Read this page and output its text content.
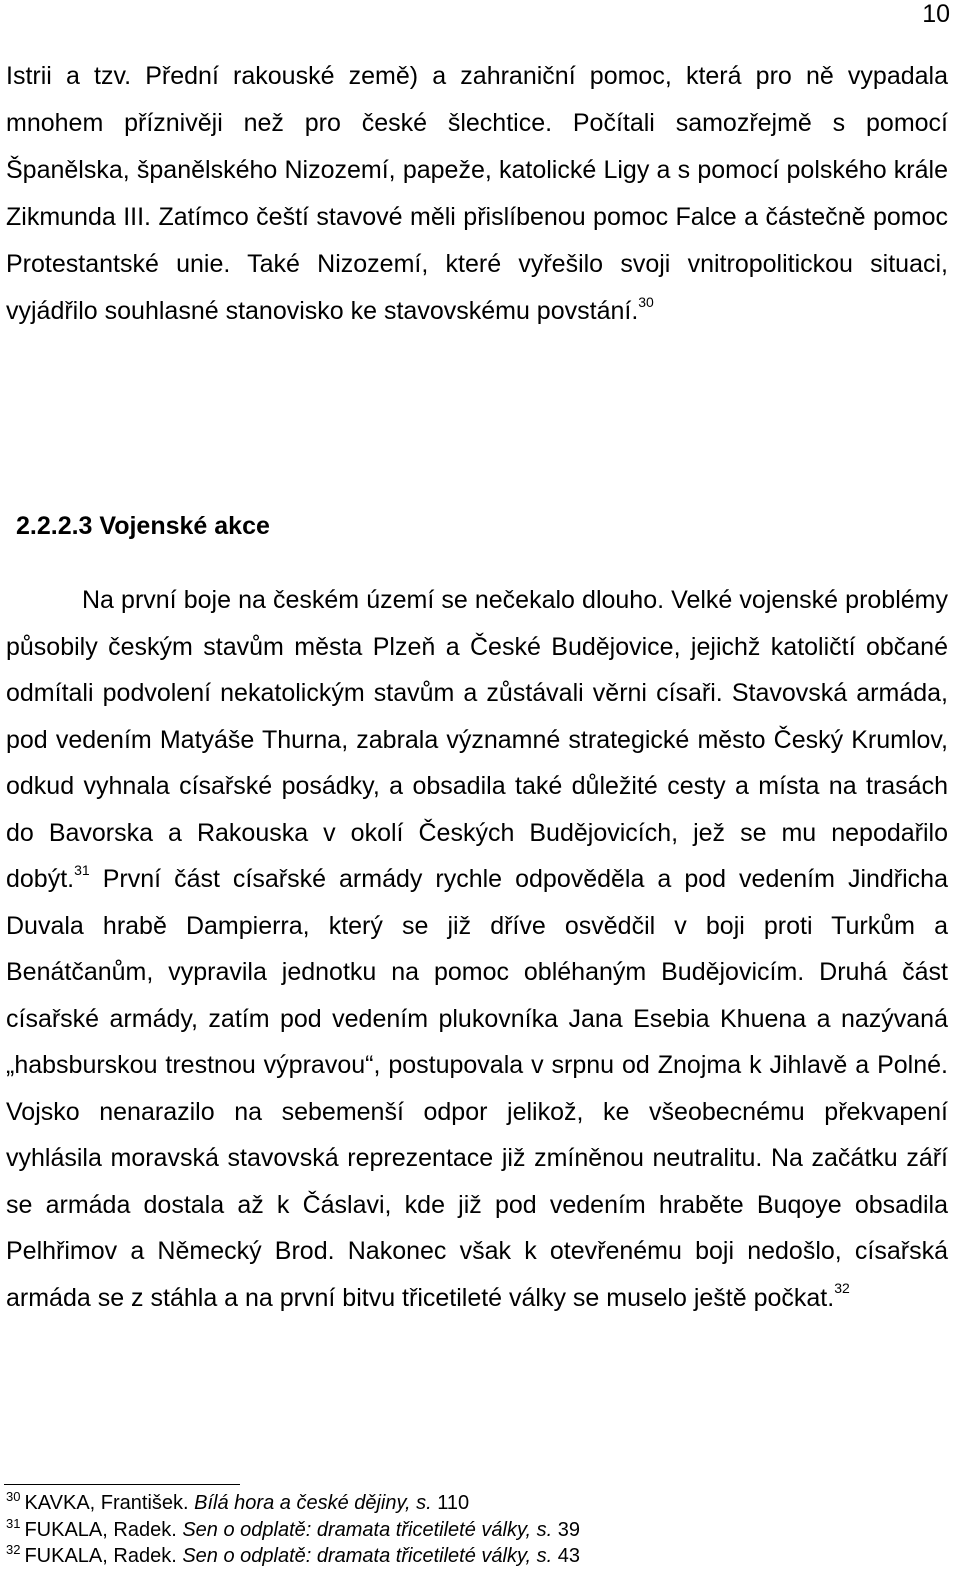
10
Istrii a tzv. Přední rakouské země) a zahraniční pomoc, která pro ně vypadala mnohem příznivěji než pro české šlechtice. Počítali samozřejmě s pomocí Španělska, španělského Nizozemí, papeže, katolické Ligy a s pomocí polského krále Zikmunda III. Zatímco čeští stavové měli přislíbenou pomoc Falce a částečně pomoc Protestantské unie. Také Nizozemí, které vyřešilo svoji vnitropolitickou situaci, vyjádřilo souhlasné stanovisko ke stavovskému povstání.$^{30}$
2.2.2.3 Vojenské akce
Na první boje na českém území se nečekalo dlouho. Velké vojenské problémy působily českým stavům města Plzeň a České Budějovice, jejichž katoličtí občané odmítali podvolení nekatolickým stavům a zůstávali věrni císaři. Stavovská armáda, pod vedením Matyáše Thurna, zabrala významné strategické město Český Krumlov, odkud vyhnala císařské posádky, a obsadila také důležité cesty a místa na trasách do Bavorska a Rakouska v okolí Českých Budějovicích, jež se mu nepodařilo dobýt.$^{31}$ První část císařské armády rychle odpověděla a pod vedením Jindřicha Duvala hrabě Dampierra, který se již dříve osvědčil v boji proti Turkům a Benátčanům, vypravila jednotku na pomoc obléhaným Budějovicím. Druhá část císařské armády, zatím pod vedením plukovníka Jana Esebia Khuena a nazývaná „habsburskou trestnou výpravou“, postupovala v srpnu od Znojma k Jihlavě a Polné. Vojsko nenarazilo na sebemenší odpor jelikož, ke všeobecnému překvapení vyhlásila moravská stavovská reprezentace již zmíněnou neutralitu. Na začátku září se armáda dostala až k Čáslavi, kde již pod vedením hraběte Buqoye obsadila Pelhřimov a Německý Brod. Nakonec však k otevřenému boji nedošlo, císařská armáda se z stáhla a na první bitvu třicetileté války se muselo ještě počkat.$^{32}$
$^{30}$ KAVKA, František. Bílá hora a české dějiny, s. 110
$^{31}$ FUKALA, Radek. Sen o odplatě: dramata třicetileté války, s. 39
$^{32}$ FUKALA, Radek. Sen o odplatě: dramata třicetileté války, s. 43
